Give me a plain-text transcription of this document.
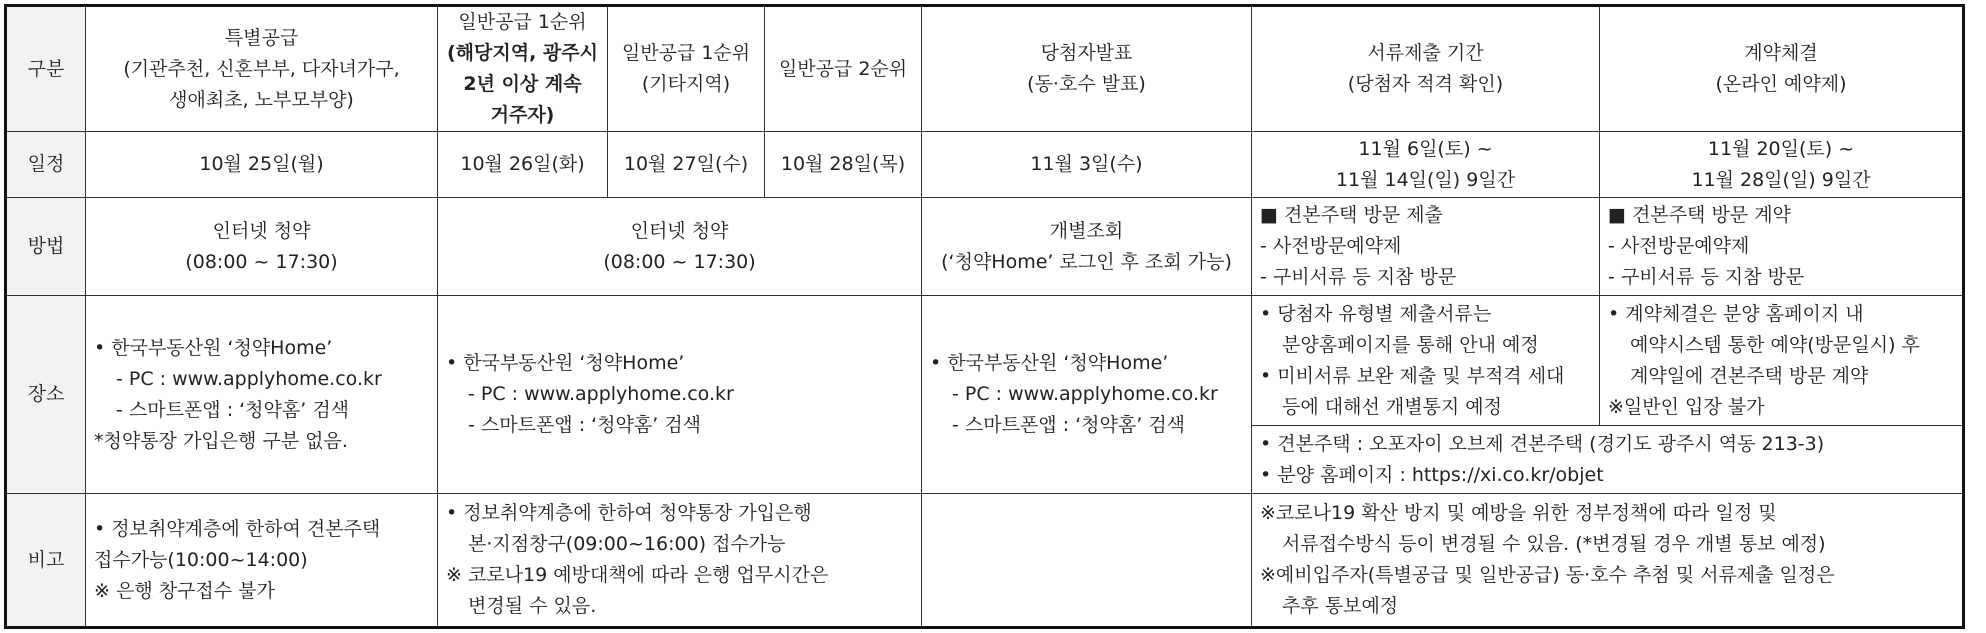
구분	특별공급
(기관추천, 신혼부부, 다자녀가구,
생애최초, 노부모부양)	일반공급 1순위
(해당지역, 광주시
2년 이상 계속
거주자)	일반공급 1순위
(기타지역)	일반공급 2순위	당첨자발표
(동·호수 발표)	서류제출 기간
(당첨자 적격 확인)	계약체결
(온라인 예약제)

일정	10월 25일(월)	10월 26일(화)	10월 27일(수)	10월 28일(목)	11월 3일(수)	11월 6일(토) ~
11월 14일(일) 9일간	11월 20일(토) ~
11월 28일(일) 9일간

방법	인터넷 청약
(08:00 ~ 17:30)	인터넷 청약
(08:00 ~ 17:30)			개별조회
(‘청약Home’ 로그인 후 조회 가능)	■ 견본주택 방문 제출
- 사전방문예약제
- 구비서류 등 지참 방문	■ 견본주택 방문 계약
- 사전방문예약제
- 구비서류 등 지참 방문

장소	• 한국부동산원 ‘청약Home’
- PC : www.applyhome.co.kr
- 스마트폰앱 : ‘청약홈’ 검색
*청약통장 가입은행 구분 없음.	• 한국부동산원 ‘청약Home’
- PC : www.applyhome.co.kr
- 스마트폰앱 : ‘청약홈’ 검색			• 한국부동산원 ‘청약Home’
- PC : www.applyhome.co.kr
- 스마트폰앱 : ‘청약홈’ 검색	• 당첨자 유형별 제출서류는
분양홈페이지를 통해 안내 예정
• 미비서류 보완 제출 및 부적격 세대
등에 대해선 개별통지 예정	• 계약체결은 분양 홈페이지 내
예약시스템 통한 예약(방문일시) 후
계약일에 견본주택 방문 계약
※일반인 입장 불가

						• 견본주택 : 오포자이 오브제 견본주택 (경기도 광주시 역동 213-3)
• 분양 홈페이지 : https://xi.co.kr/objet	

비고	• 정보취약계층에 한하여 견본주택
접수가능(10:00~14:00)
※ 은행 창구접수 불가	• 정보취약계층에 한하여 청약통장 가입은행
본·지점창구(09:00~16:00) 접수가능
※ 코로나19 예방대책에 따라 은행 업무시간은
변경될 수 있음.				※코로나19 확산 방지 및 예방을 위한 정부정책에 따라 일정 및
서류접수방식 등이 변경될 수 있음. (*변경될 경우 개별 통보 예정)
※예비입주자(특별공급 및 일반공급) 동·호수 추첨 및 서류제출 일정은
추후 통보예정	
